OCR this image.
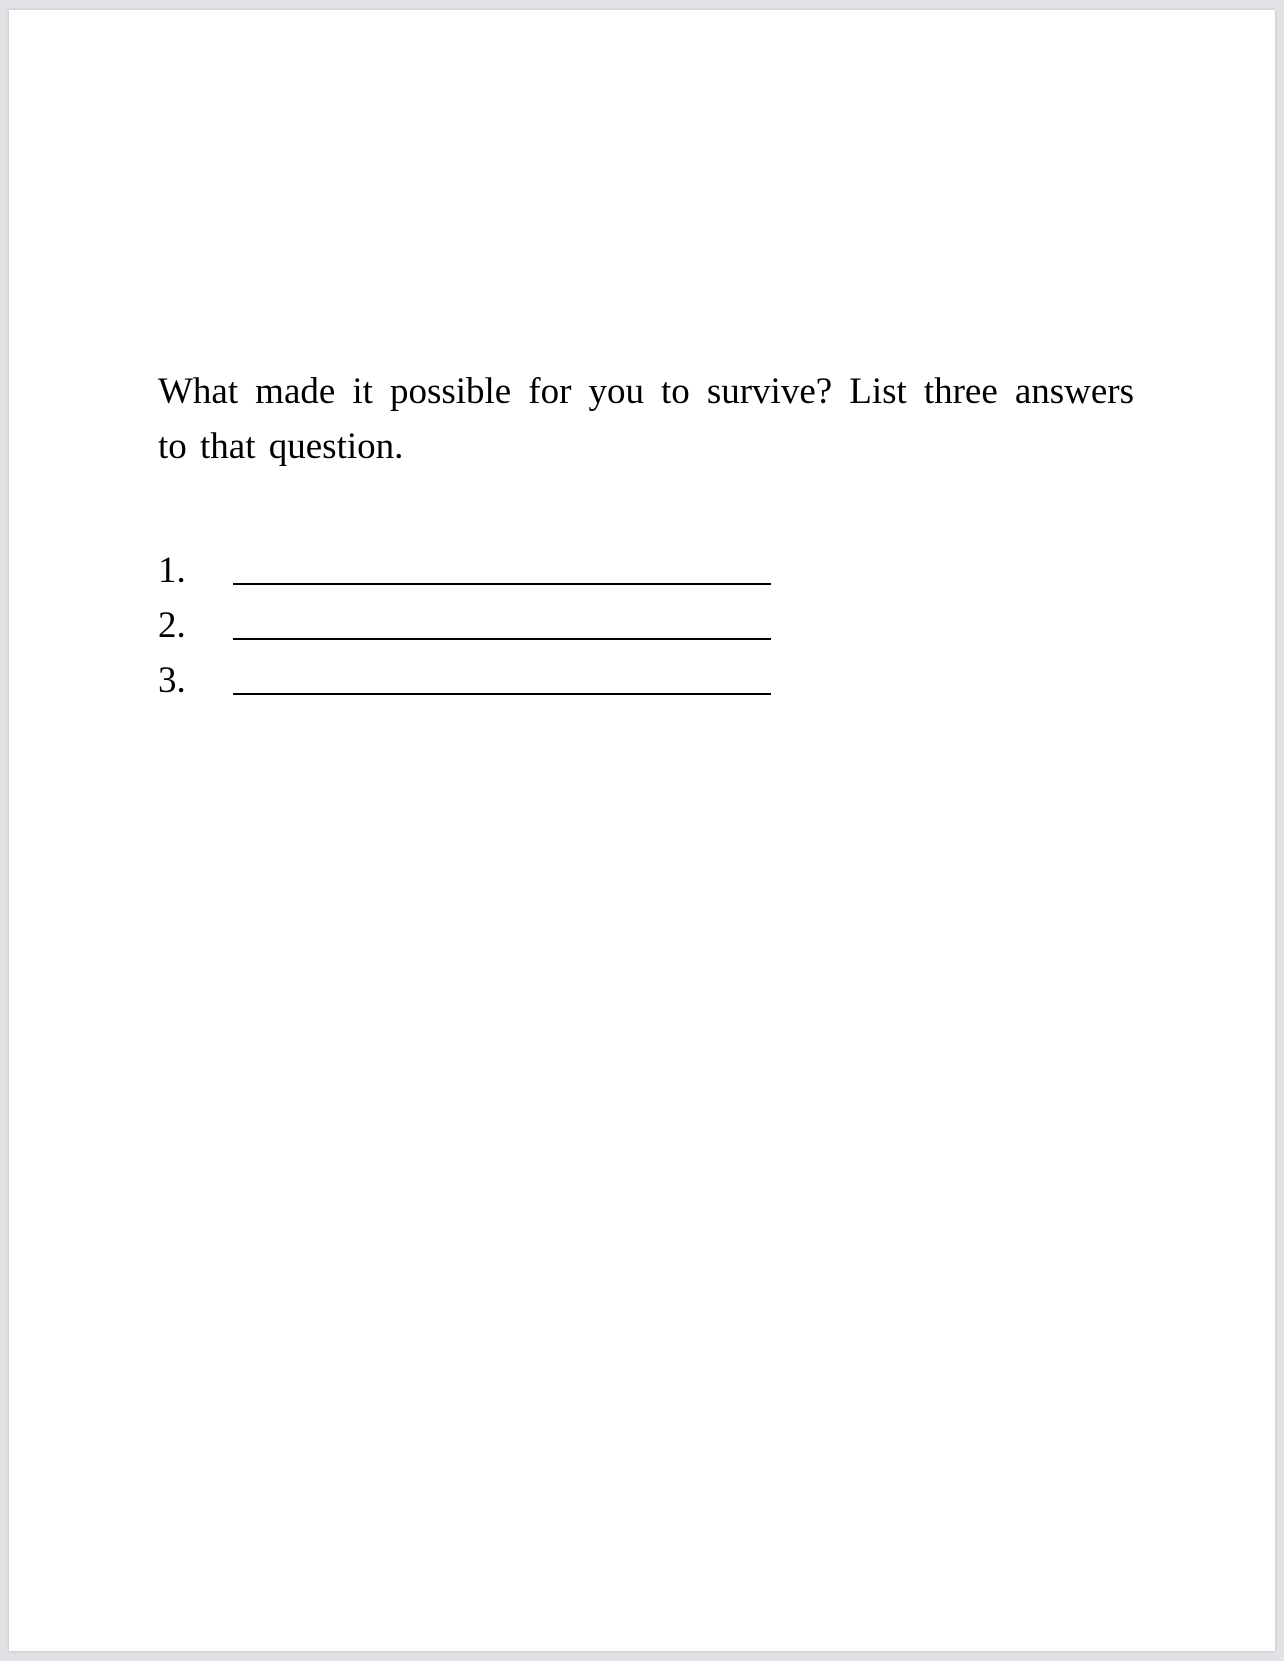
What made it possible for you to survive? List three answers to that question.

1.
2.
3.
